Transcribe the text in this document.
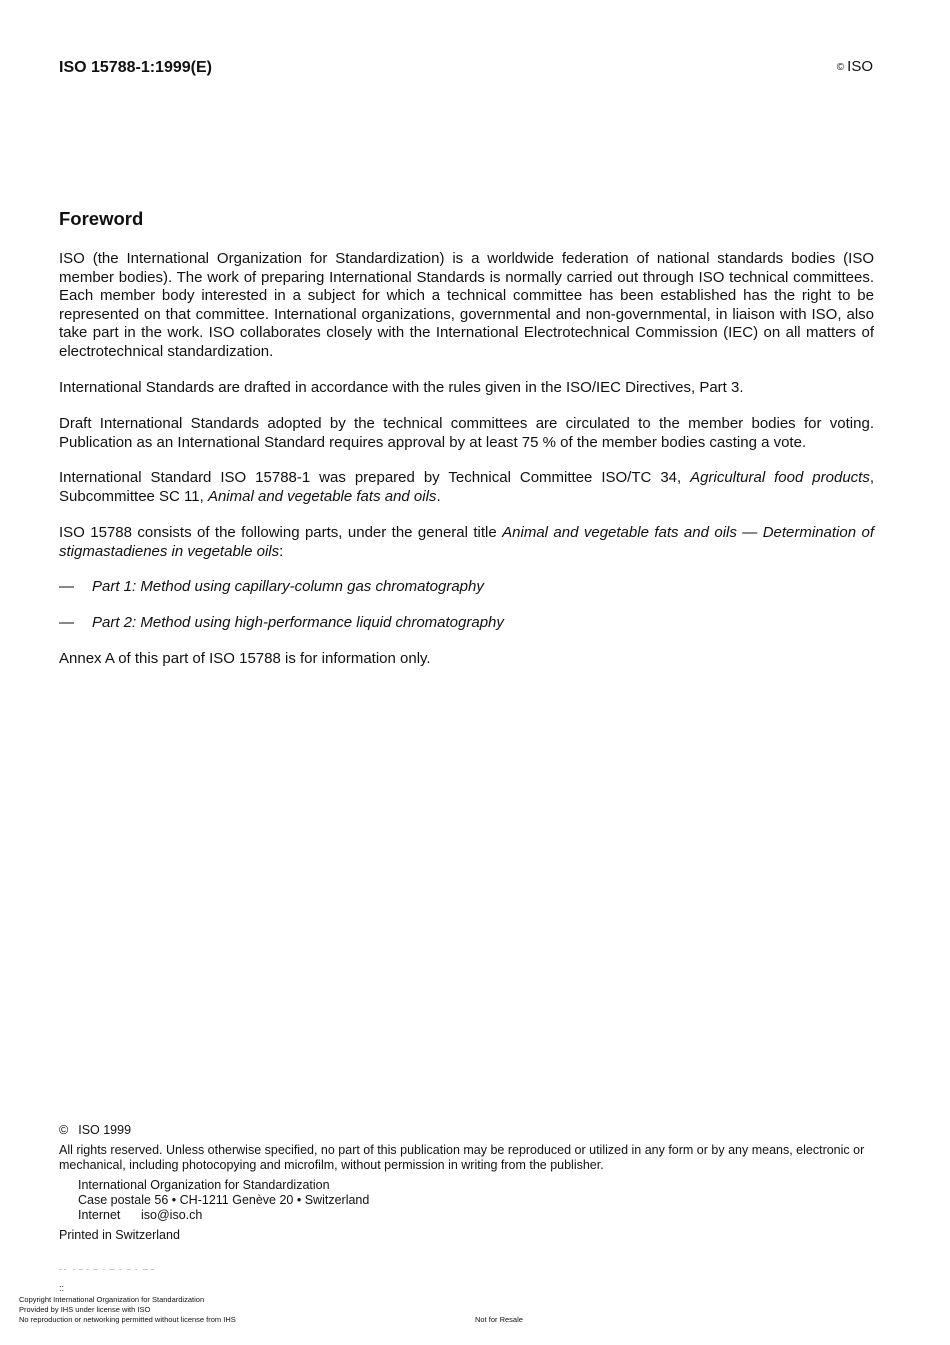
ISO 15788-1:1999(E)	© ISO
Foreword

ISO (the International Organization for Standardization) is a worldwide federation of national standards bodies (ISO member bodies). The work of preparing International Standards is normally carried out through ISO technical committees. Each member body interested in a subject for which a technical committee has been established has the right to be represented on that committee. International organizations, governmental and non-governmental, in liaison with ISO, also take part in the work. ISO collaborates closely with the International Electrotechnical Commission (IEC) on all matters of electrotechnical standardization.

International Standards are drafted in accordance with the rules given in the ISO/IEC Directives, Part 3.

Draft International Standards adopted by the technical committees are circulated to the member bodies for voting. Publication as an International Standard requires approval by at least 75 % of the member bodies casting a vote.

International Standard ISO 15788-1 was prepared by Technical Committee ISO/TC 34, Agricultural food products, Subcommittee SC 11, Animal and vegetable fats and oils.

ISO 15788 consists of the following parts, under the general title Animal and vegetable fats and oils — Determination of stigmastadienes in vegetable oils:

— Part 1: Method using capillary-column gas chromatography
— Part 2: Method using high-performance liquid chromatography

Annex A of this part of ISO 15788 is for information only.

© ISO 1999

All rights reserved. Unless otherwise specified, no part of this publication may be reproduced or utilized in any form or by any means, electronic or mechanical, including photocopying and microfilm, without permission in writing from the publisher.

International Organization for Standardization
Case postale 56 • CH-1211 Genève 20 • Switzerland
Internet iso@iso.ch
Printed in Switzerland
::
Copyright International Organization for Standardization
Provided by IHS under license with ISO
No reproduction or networking permitted without license from IHS	Not for Resale
